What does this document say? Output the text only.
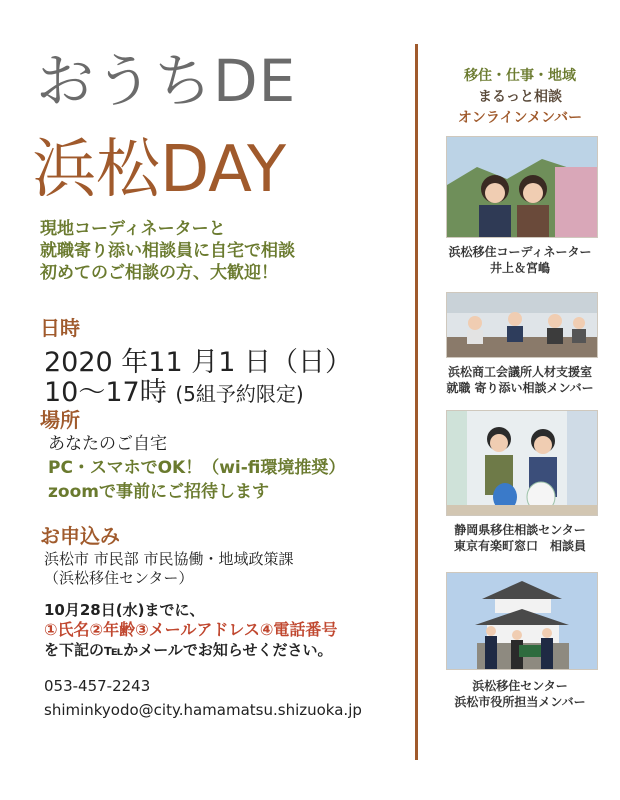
おうちDE
浜松DAY
現地コーディネーターと
就職寄り添い相談員に自宅で相談
初めてのご相談の方、大歓迎！
日時
2020 年11 月1 日（日）
10～17時 (5組予約限定)
場所
あなたのご自宅
PC・スマホでOK！（wi-fi環境推奨）
zoomで事前にご招待します
お申込み
浜松市 市民部 市民協働・地域政策課
（浜松移住センター）
10月28日(水)までに、
①氏名②年齢③メールアドレス④電話番号
を下記の℡かメールでお知らせください。
053-457-2243
shiminkyodo@city.hamamatsu.shizuoka.jp
移住・仕事・地域
まるっと相談
オンラインメンバー
浜松移住コーディネーター
井上＆宮嶋
浜松商工会議所人材支援室
就職 寄り添い相談メンバー
静岡県移住相談センター
東京有楽町窓口　相談員
浜松移住センター
浜松市役所担当メンバー
